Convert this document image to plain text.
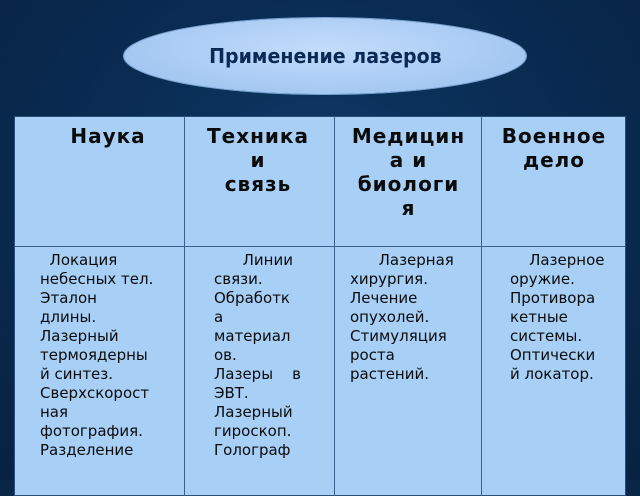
Применение лазеров
Наука	Техника
и
связь
Медицин
а и
биологи
я
Военное
дело
Локация
небесных тел.
Эталон
длины.
Лазерный
термоядерны
й синтез.
Сверхскорост
ная
фотография.
Разделение
Линии
связи.
Обработк
а
материал
ов.
Лазеры    в
ЭВТ.
Лазерный
гироскоп.
Голограф
Лазерная
хирургия.
Лечение
опухолей.
Стимуляция
роста
растений.
Лазерное
оружие.
Противора
кетные
системы.
Оптически
й локатор.
